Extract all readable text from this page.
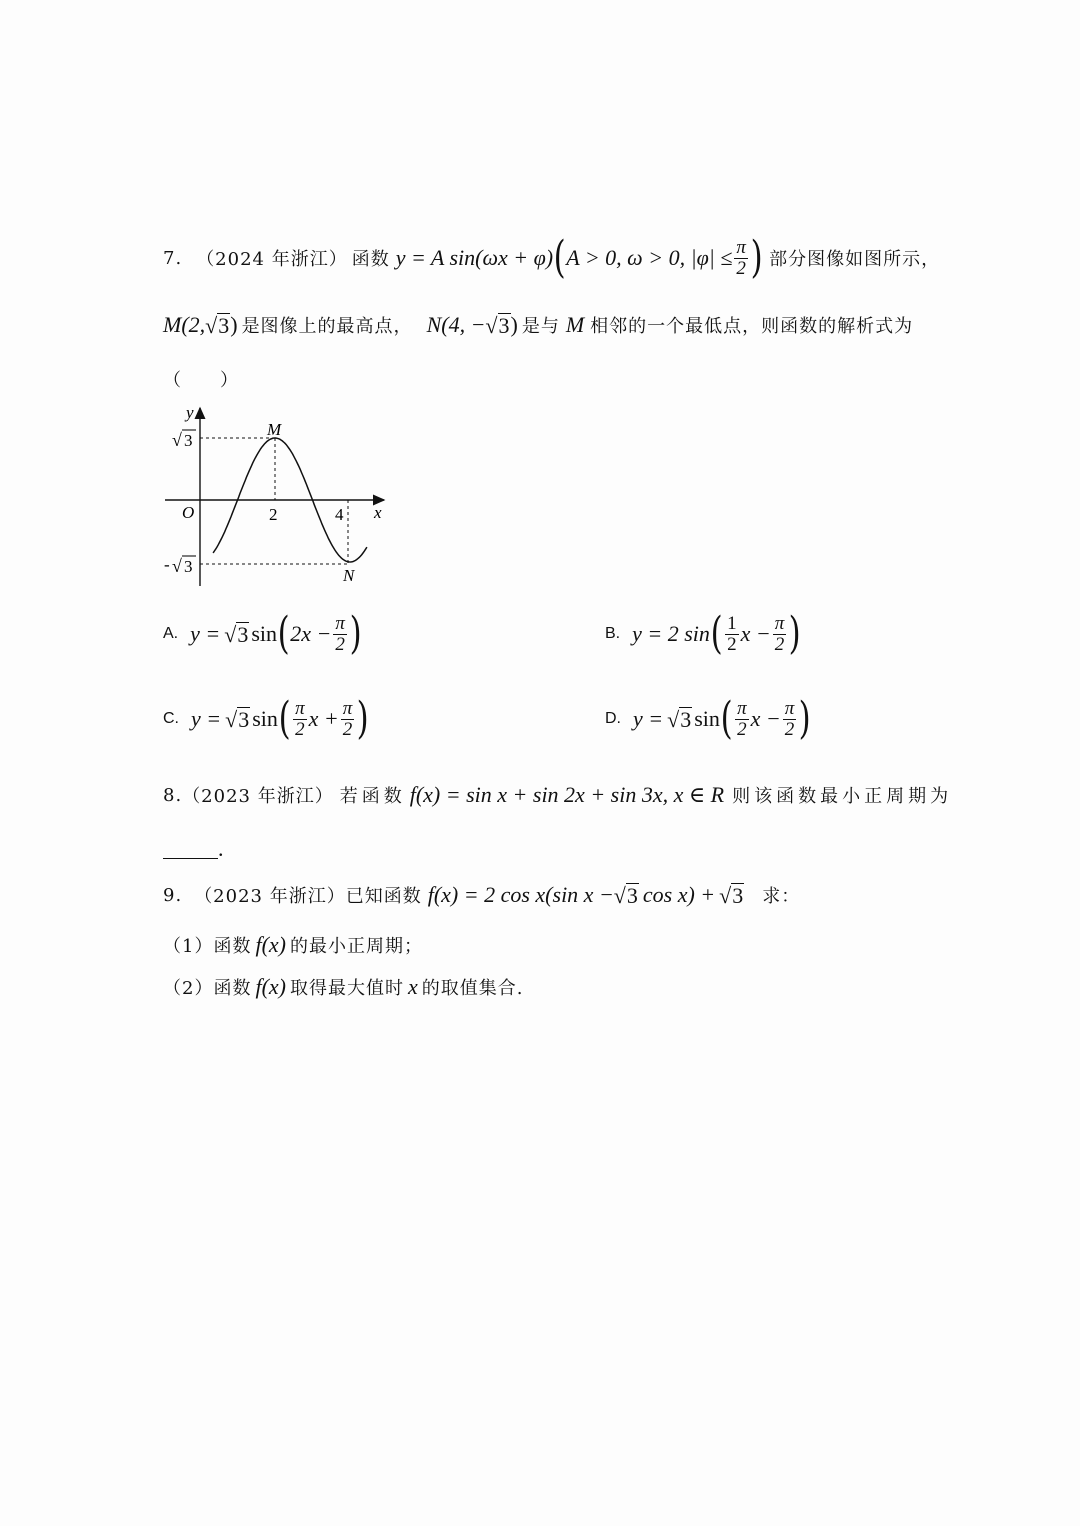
7. （2024 年浙江） 函数 y = A sin(ωx + φ) ( A > 0, ω > 0, $|\varphi| \le \frac{\pi}{2}$ ) 部分图像如图所示，
M(2, √ 3 ) 是图像上的最高点， N(4, − √ 3 ) 是与 M 相邻的一个最低点，则函数的解析式为
（　　）
y
x
O	2	4
M
N
√ 3
- √ 3
A. y = √ 3 sin ( $2x - \frac{\pi}{2}$ )	B. y = 2 sin ( $\frac{1}{2}$ $x - \frac{\pi}{2}$ )
C. y = √ 3 sin ( $\frac{\pi}{2}$ $x + \frac{\pi}{2}$ )	D. y = √ 3 sin ( $\frac{\pi}{2}$ $x - \frac{\pi}{2}$ )
8. （2023 年浙江） 若函数 f(x) = sin x + sin 2x + sin 3x, x ∈ R 则该函数最小正周期为
.
9. （2023 年浙江） 已知函数 f(x) = 2 cos x(sin x − √ 3 cos x) + √ 3 求：
（1） 函数 f(x) 的最小正周期；
（2） 函数 f(x) 取得最大值时 x 的取值集合.
